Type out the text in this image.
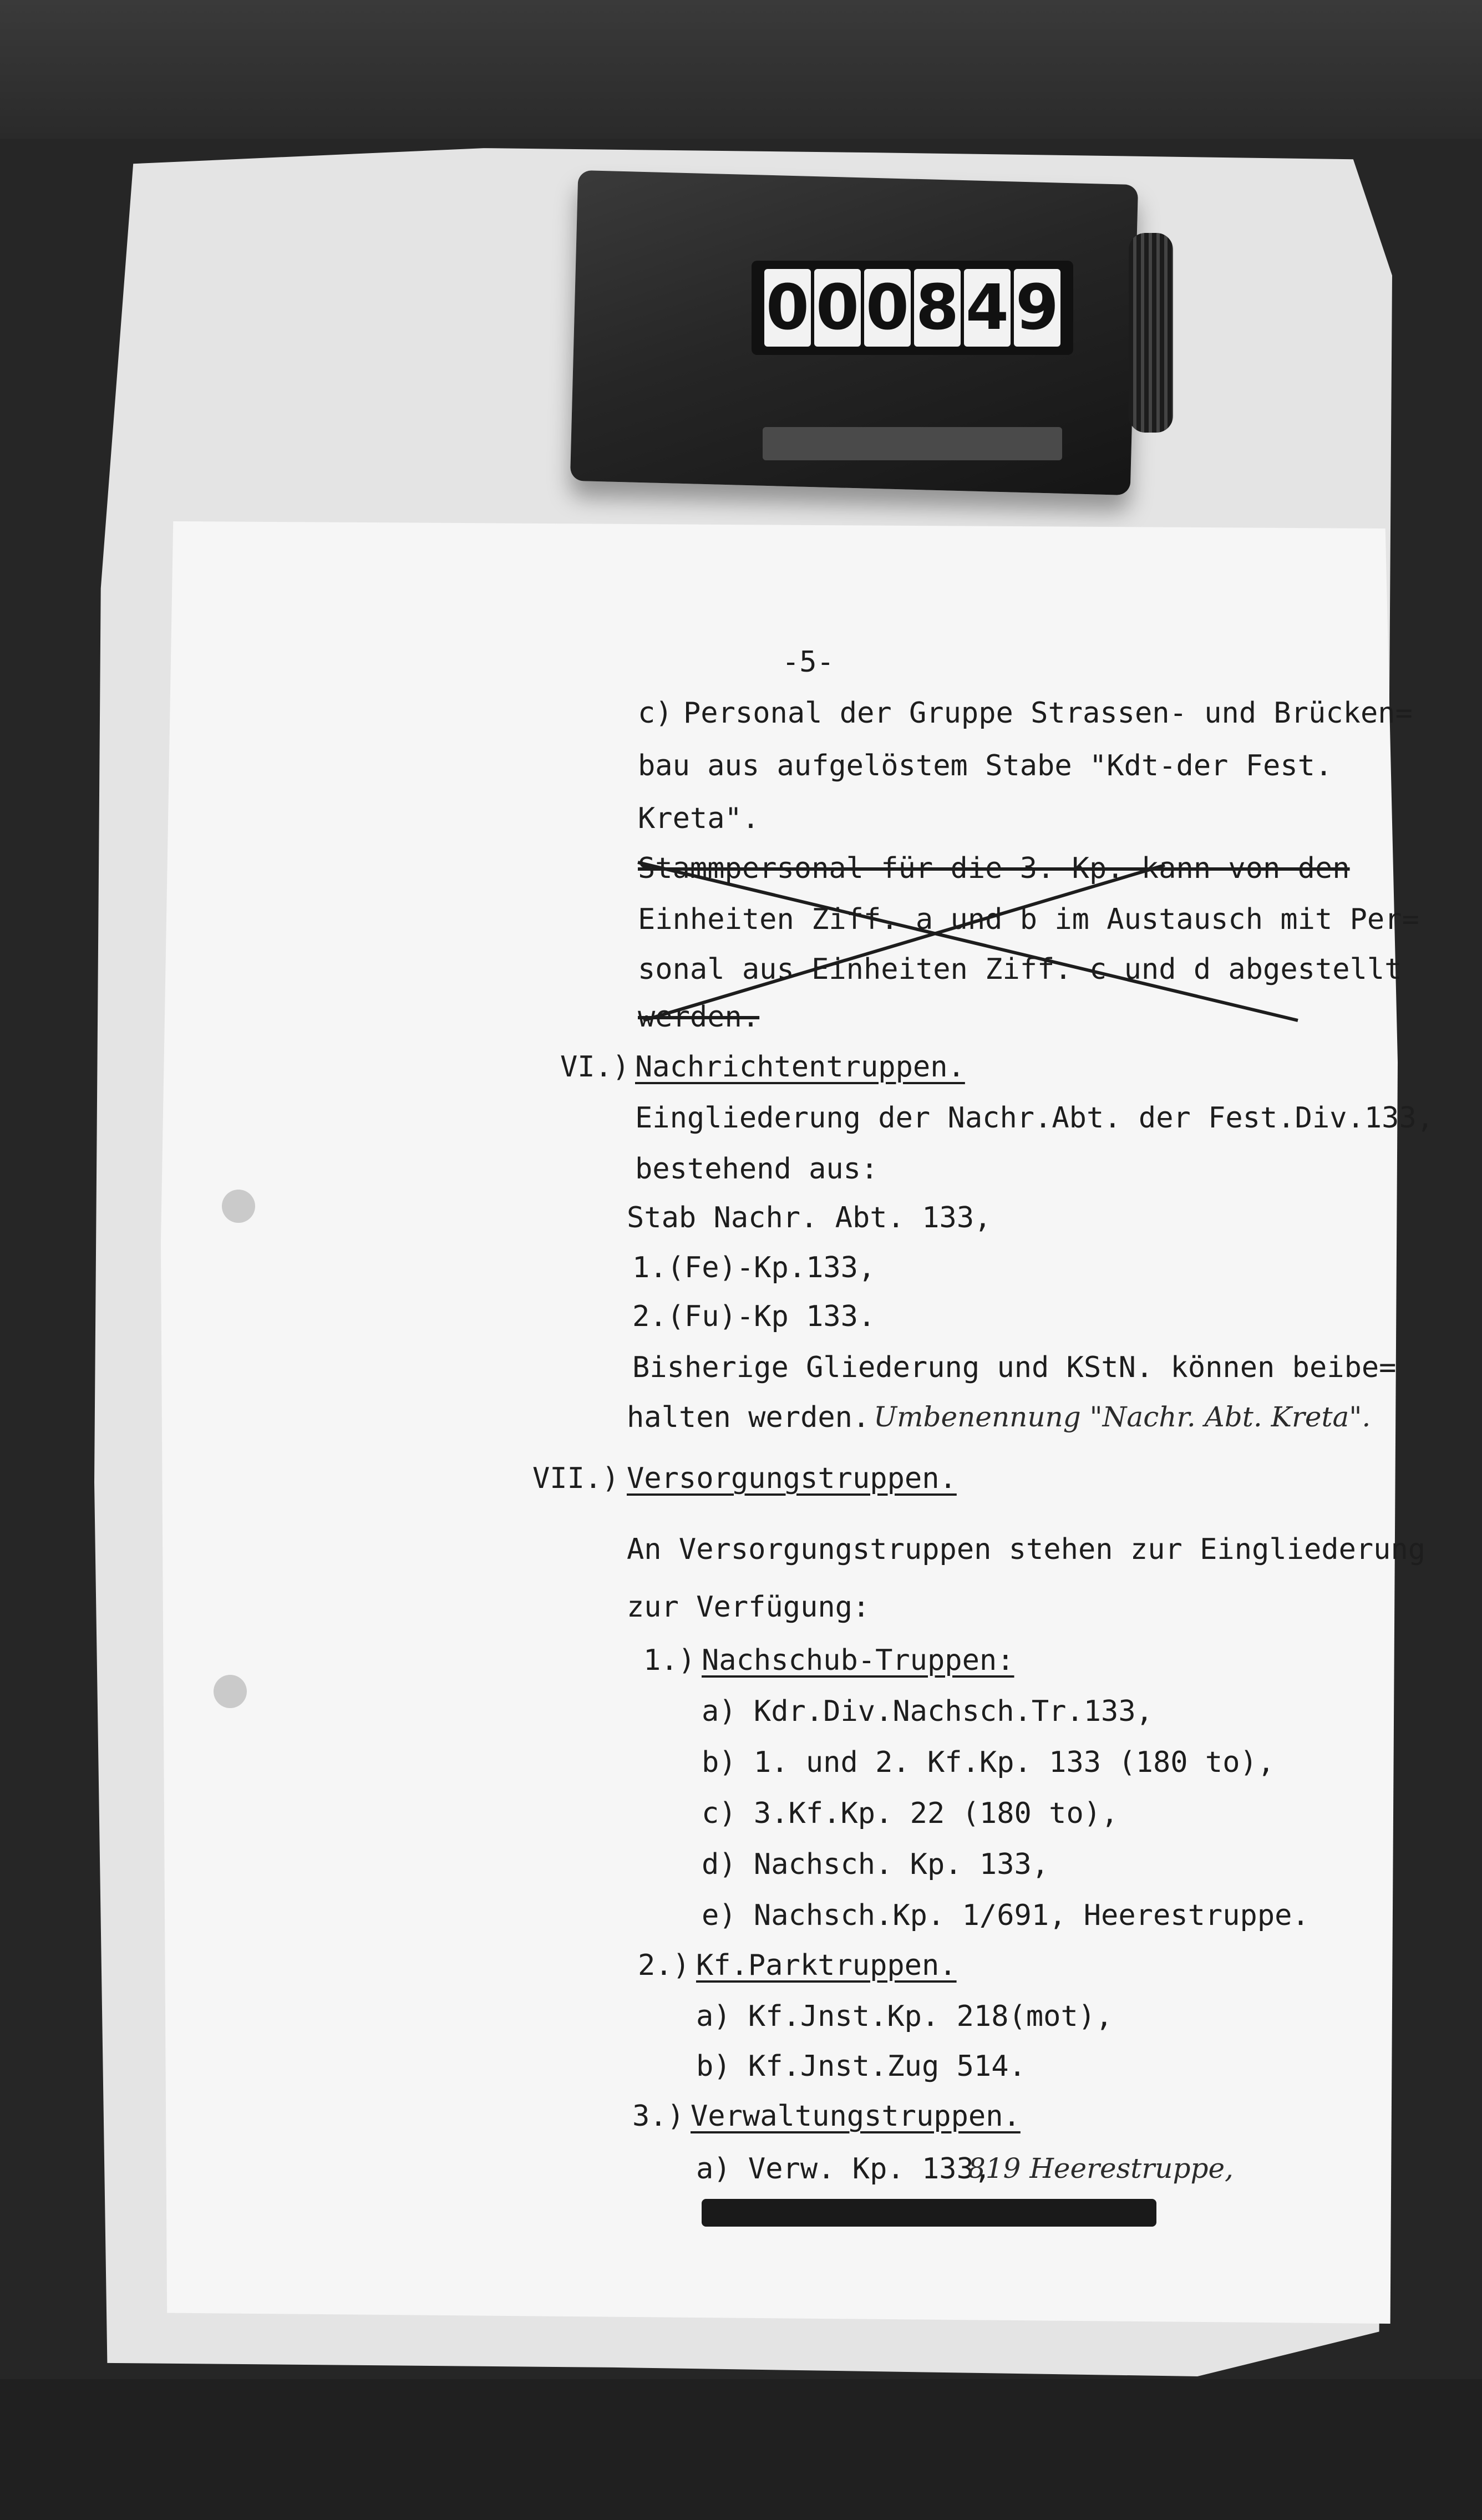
0 0 0 8 4 9
-5-
c) Personal der Gruppe Strassen- und Brücken=
bau aus aufgelöstem Stabe "Kdt-der Fest.
Kreta".
Stammpersonal für die 3. Kp. kann von den
Einheiten Ziff. a und b im Austausch mit Per=
sonal aus Einheiten Ziff. c und d abgestellt
werden.
VI.) Nachrichtentruppen.
Eingliederung der Nachr.Abt. der Fest.Div.133,
bestehend aus:
Stab Nachr. Abt. 133,
1.(Fe)-Kp.133,
2.(Fu)-Kp 133.
Bisherige Gliederung und KStN. können beibe=
halten werden. Umbenennung "Nachr. Abt. Kreta".
VII.) Versorgungstruppen.
An Versorgungstruppen stehen zur Eingliederung
zur Verfügung:
1.) Nachschub-Truppen:
a) Kdr.Div.Nachsch.Tr.133,
b) 1. und 2. Kf.Kp. 133 (180 to),
c) 3.Kf.Kp. 22 (180 to),
d) Nachsch. Kp. 133,
e) Nachsch.Kp. 1/691, Heerestruppe.
2.) Kf.Parktruppen.
a) Kf.Jnst.Kp. 218(mot),
b) Kf.Jnst.Zug 514.
3.) Verwaltungstruppen.
a) Verw. Kp. 133,
819 Heerestruppe,
